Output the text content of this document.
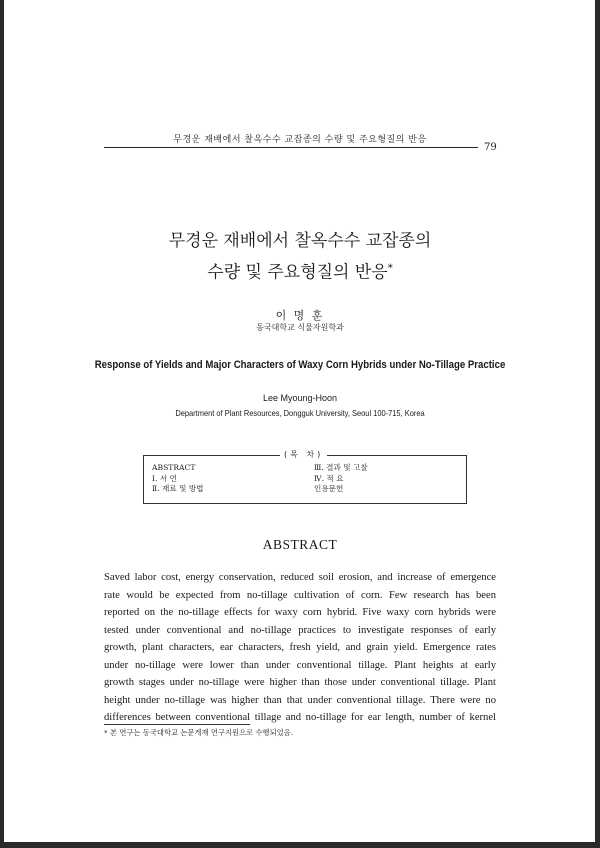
무경운 재배에서 찰옥수수 교잡종의 수량 및 주요형질의 반응
79
무경운 재배에서 찰옥수수 교잡종의
수량 및 주요형질의 반응*
이 명 훈
동국대학교 식물자원학과
Response of Yields and Major Characters of Waxy Corn Hybrids under No-Tillage Practice
Lee Myoung-Hoon
Department of Plant Resources, Dongguk University, Seoul 100-715, Korea
(목 차)
ABSTRACT
Ⅰ. 서 언
Ⅱ. 재료 및 방법
Ⅲ. 결과 및 고찰
Ⅳ. 적 요
인용문헌
ABSTRACT
Saved labor cost, energy conservation, reduced soil erosion, and increase of emergence
rate would be expected from no-tillage cultivation of corn. Few research has been
reported on the no-tillage effects for waxy corn hybrid. Five waxy corn hybrids were
tested under conventional and no-tillage practices to investigate responses of early
growth, plant characters, ear characters, fresh yield, and grain yield. Emergence rates
under no-tillage were lower than under conventional tillage. Plant heights at early
growth stages under no-tillage were higher than those under conventional tillage. Plant
height under no-tillage was higher than that under conventional tillage. There were no
differences between conventional tillage and no-tillage for ear length, number of kernel
* 본 연구는 동국대학교 논문게재 연구지원으로 수행되었음.
